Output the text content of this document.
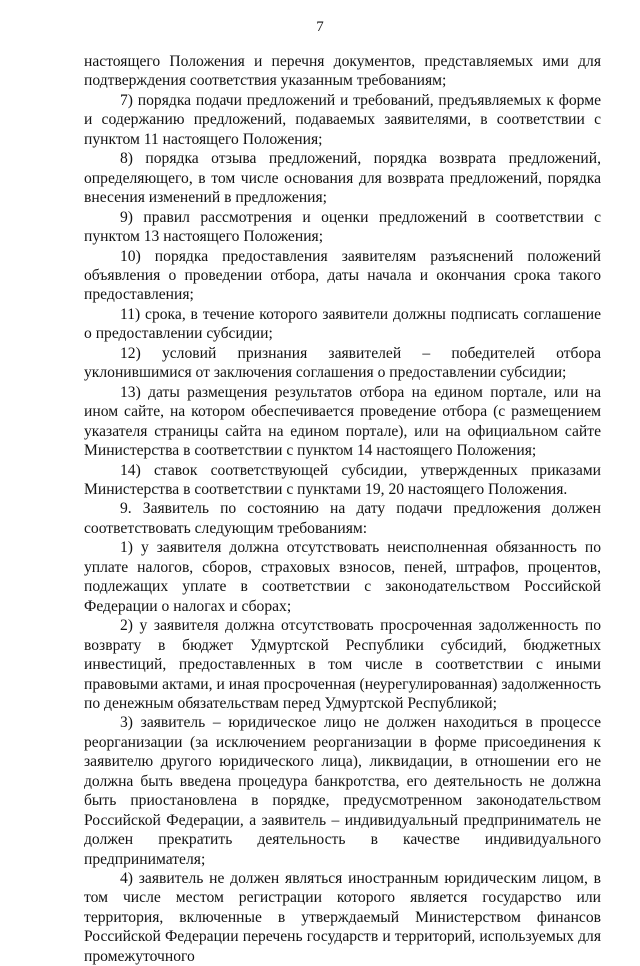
7

настоящего Положения и перечня документов, представляемых ими для подтверждения соответствия указанным требованиям;

7) порядка подачи предложений и требований, предъявляемых к форме и содержанию предложений, подаваемых заявителями, в соответствии с пунктом 11 настоящего Положения;

8) порядка отзыва предложений, порядка возврата предложений, определяющего, в том числе основания для возврата предложений, порядка внесения изменений в предложения;

9) правил рассмотрения и оценки предложений в соответствии с пунктом 13 настоящего Положения;

10) порядка предоставления заявителям разъяснений положений объявления о проведении отбора, даты начала и окончания срока такого предоставления;

11) срока, в течение которого заявители должны подписать соглашение о предоставлении субсидии;

12) условий признания заявителей – победителей отбора уклонившимися от заключения соглашения о предоставлении субсидии;

13) даты размещения результатов отбора на едином портале, или на ином сайте, на котором обеспечивается проведение отбора (с размещением указателя страницы сайта на едином портале), или на официальном сайте Министерства в соответствии с пунктом 14 настоящего Положения;

14) ставок соответствующей субсидии, утвержденных приказами Министерства в соответствии с пунктами 19, 20 настоящего Положения.

9. Заявитель по состоянию на дату подачи предложения должен соответствовать следующим требованиям:

1) у заявителя должна отсутствовать неисполненная обязанность по уплате налогов, сборов, страховых взносов, пеней, штрафов, процентов, подлежащих уплате в соответствии с законодательством Российской Федерации о налогах и сборах;

2) у заявителя должна отсутствовать просроченная задолженность по возврату в бюджет Удмуртской Республики субсидий, бюджетных инвестиций, предоставленных в том числе в соответствии с иными правовыми актами, и иная просроченная (неурегулированная) задолженность по денежным обязательствам перед Удмуртской Республикой;

3) заявитель – юридическое лицо не должен находиться в процессе реорганизации (за исключением реорганизации в форме присоединения к заявителю другого юридического лица), ликвидации, в отношении его не должна быть введена процедура банкротства, его деятельность не должна быть приостановлена в порядке, предусмотренном законодательством Российской Федерации, а заявитель – индивидуальный предприниматель не должен прекратить деятельность в качестве индивидуального предпринимателя;

4) заявитель не должен являться иностранным юридическим лицом, в том числе местом регистрации которого является государство или территория, включенные в утверждаемый Министерством финансов Российской Федерации перечень государств и территорий, используемых для промежуточного
